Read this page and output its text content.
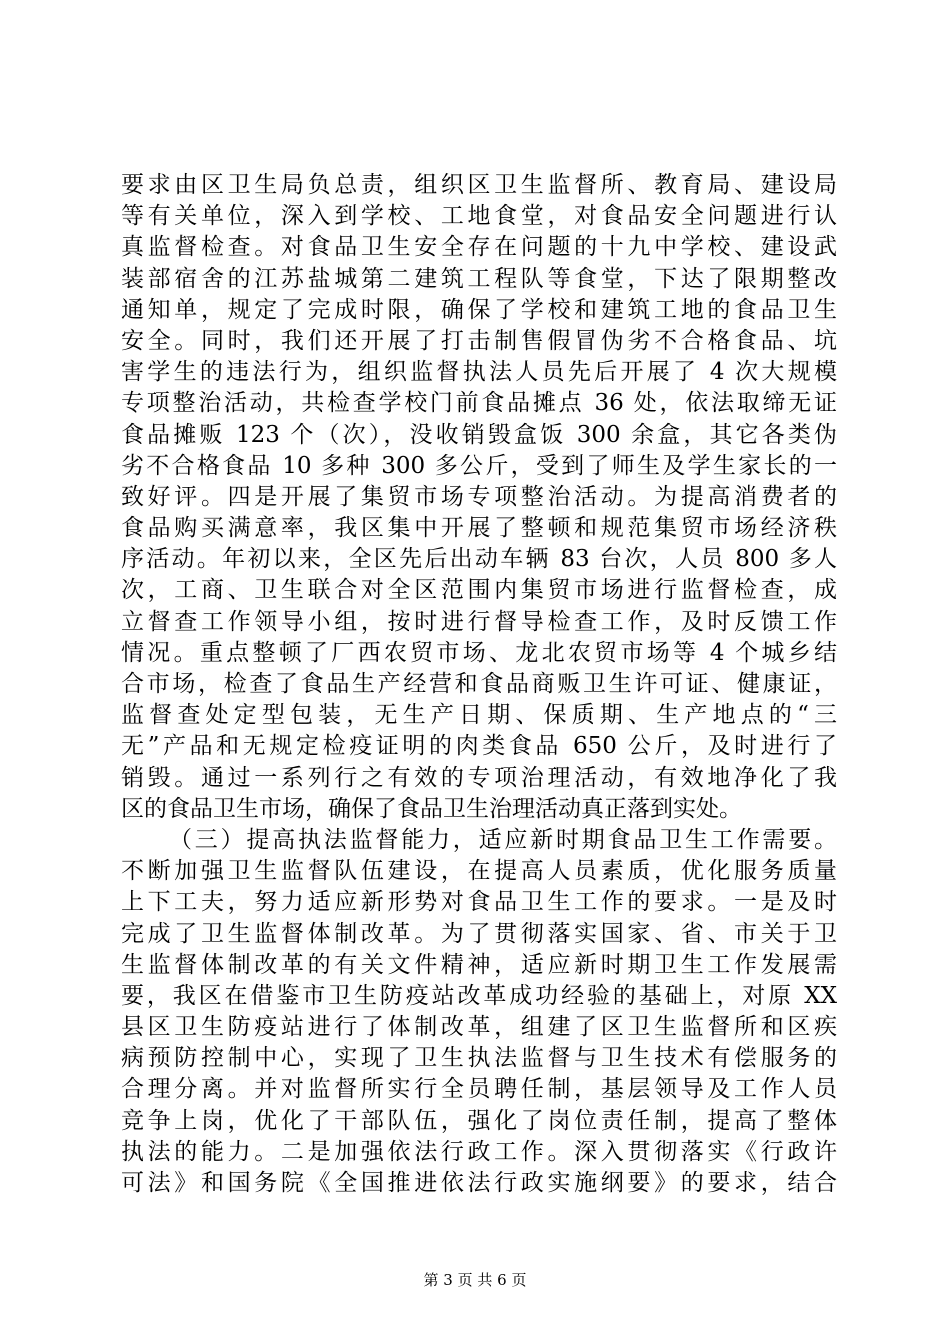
要求由区卫生局负总责，组织区卫生监督所、教育局、建设局
等有关单位，深入到学校、工地食堂，对食品安全问题进行认
真监督检查。对食品卫生安全存在问题的十九中学校、建设武
装部宿舍的江苏盐城第二建筑工程队等食堂，下达了限期整改
通知单，规定了完成时限，确保了学校和建筑工地的食品卫生
安全。同时，我们还开展了打击制售假冒伪劣不合格食品、坑
害学生的违法行为，组织监督执法人员先后开展了 4 次大规模
专项整治活动，共检查学校门前食品摊点 36 处，依法取缔无证
食品摊贩 123 个（次），没收销毁盒饭 300 余盒，其它各类伪
劣不合格食品 10 多种 300 多公斤，受到了师生及学生家长的一
致好评。四是开展了集贸市场专项整治活动。为提高消费者的
食品购买满意率，我区集中开展了整顿和规范集贸市场经济秩
序活动。年初以来，全区先后出动车辆 83 台次，人员 800 多人
次，工商、卫生联合对全区范围内集贸市场进行监督检查，成
立督查工作领导小组，按时进行督导检查工作，及时反馈工作
情况。重点整顿了厂西农贸市场、龙北农贸市场等 4 个城乡结
合市场，检查了食品生产经营和食品商贩卫生许可证、健康证，
监督查处定型包装，无生产日期、保质期、生产地点的“三
无”产品和无规定检疫证明的肉类食品 650 公斤，及时进行了
销毁。通过一系列行之有效的专项治理活动，有效地净化了我
区的食品卫生市场，确保了食品卫生治理活动真正落到实处。
（三）提高执法监督能力，适应新时期食品卫生工作需要。
不断加强卫生监督队伍建设，在提高人员素质，优化服务质量
上下工夫，努力适应新形势对食品卫生工作的要求。一是及时
完成了卫生监督体制改革。为了贯彻落实国家、省、市关于卫
生监督体制改革的有关文件精神，适应新时期卫生工作发展需
要，我区在借鉴市卫生防疫站改革成功经验的基础上，对原 XX
县区卫生防疫站进行了体制改革，组建了区卫生监督所和区疾
病预防控制中心，实现了卫生执法监督与卫生技术有偿服务的
合理分离。并对监督所实行全员聘任制，基层领导及工作人员
竞争上岗，优化了干部队伍，强化了岗位责任制，提高了整体
执法的能力。二是加强依法行政工作。深入贯彻落实《行政许
可法》和国务院《全国推进依法行政实施纲要》的要求，结合
第 3 页 共 6 页
